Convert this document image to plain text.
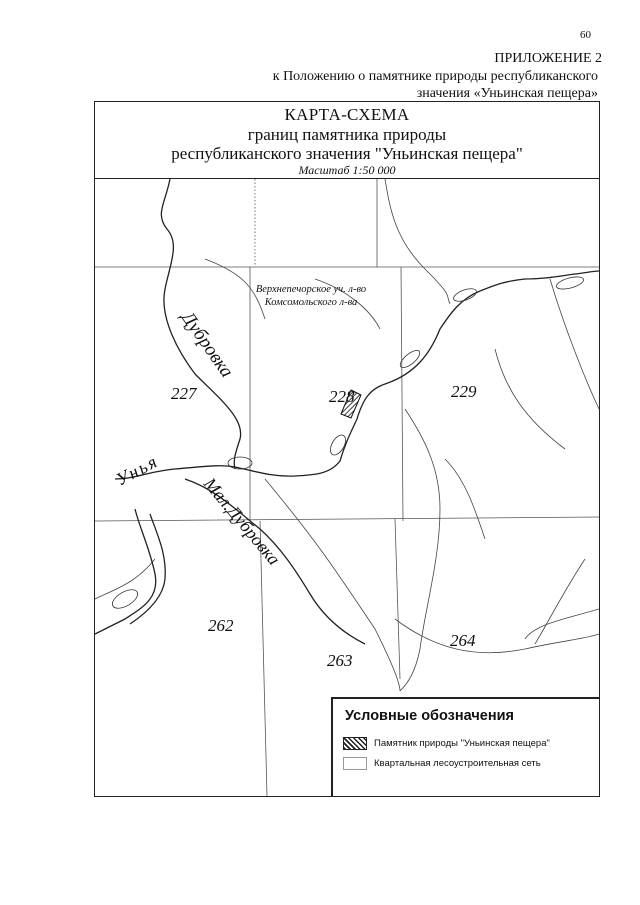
60
ПРИЛОЖЕНИЕ 2
к Положению о памятнике природы республиканского
значения «Уньинская пещера»
КАРТА-СХЕМА
границ памятника природы
республиканского значения "Уньинская пещера"
Масштаб 1:50 000
Верхнепечорское уч. л-во
Комсомольского л-ва
227	228	229
262
263
264
Дубровка
Унья
Мал.Дубровка
Условные обозначения
Памятник природы "Уньинская пещера"
Квартальная лесоустроительная сеть
